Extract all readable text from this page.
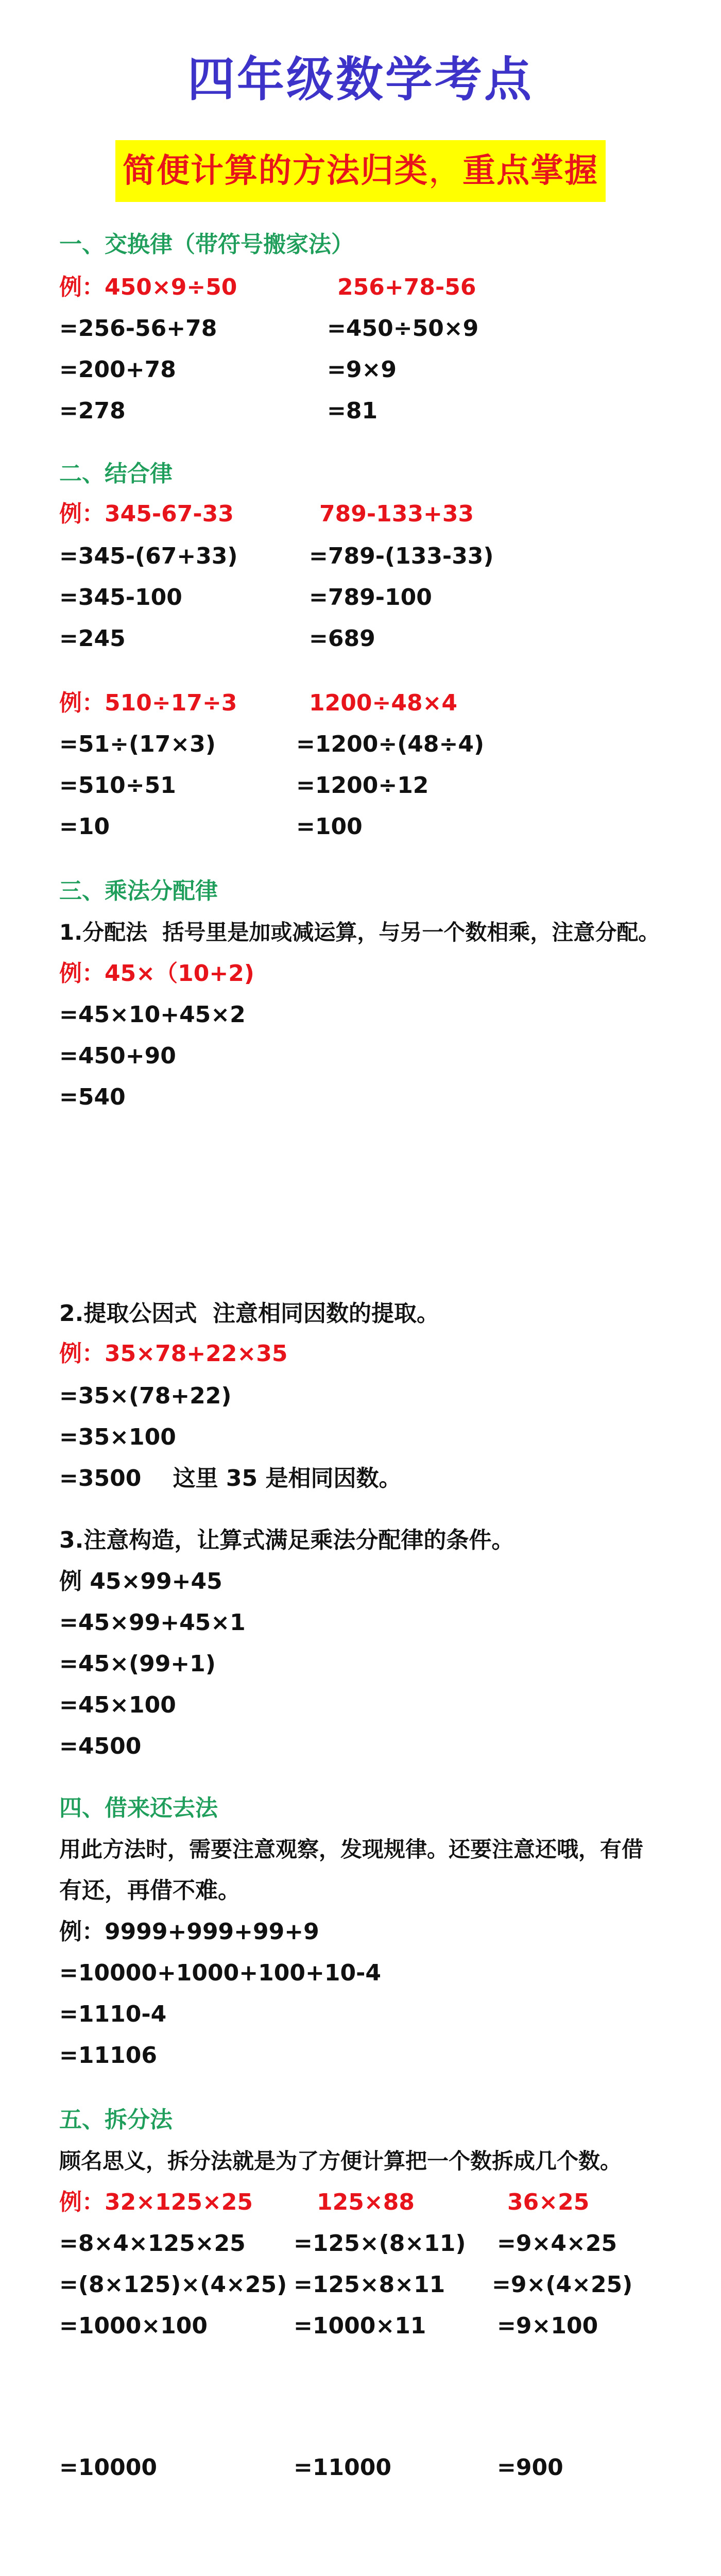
四年级数学考点
简便计算的方法归类，重点掌握
一、交换律（带符号搬家法）
例：450×9÷50	256+78-56
=256-56+78	=450÷50×9
=200+78	=9×9
=278	=81
二、结合律
例：345-67-33	789-133+33
=345-(67+33)	=789-(133-33)
=345-100	=789-100
=245	=689
例：510÷17÷3	1200÷48×4
=51÷(17×3)	=1200÷(48÷4)
=510÷51	=1200÷12
=10	=100
三、乘法分配律
1.分配法  括号里是加或减运算，与另一个数相乘，注意分配。
例：45×（10+2)
=45×10+45×2
=450+90
=540
2.提取公因式  注意相同因数的提取。
例：35×78+22×35
=35×(78+22)
=35×100
=3500    这里 35 是相同因数。
3.注意构造，让算式满足乘法分配律的条件。
例 45×99+45
=45×99+45×1
=45×(99+1)
=45×100
=4500
四、借来还去法
用此方法时，需要注意观察，发现规律。还要注意还哦，有借
有还，再借不难。
例：9999+999+99+9
=10000+1000+100+10-4
=1110-4
=11106
五、拆分法
顾名思义，拆分法就是为了方便计算把一个数拆成几个数。
例：32×125×25	125×88	36×25
=8×4×125×25 =125×(8×11) =9×4×25
=(8×125)×(4×25) =125×8×11 =9×(4×25)
=1000×100	=1000×11	=9×100
=10000	=11000	=900
